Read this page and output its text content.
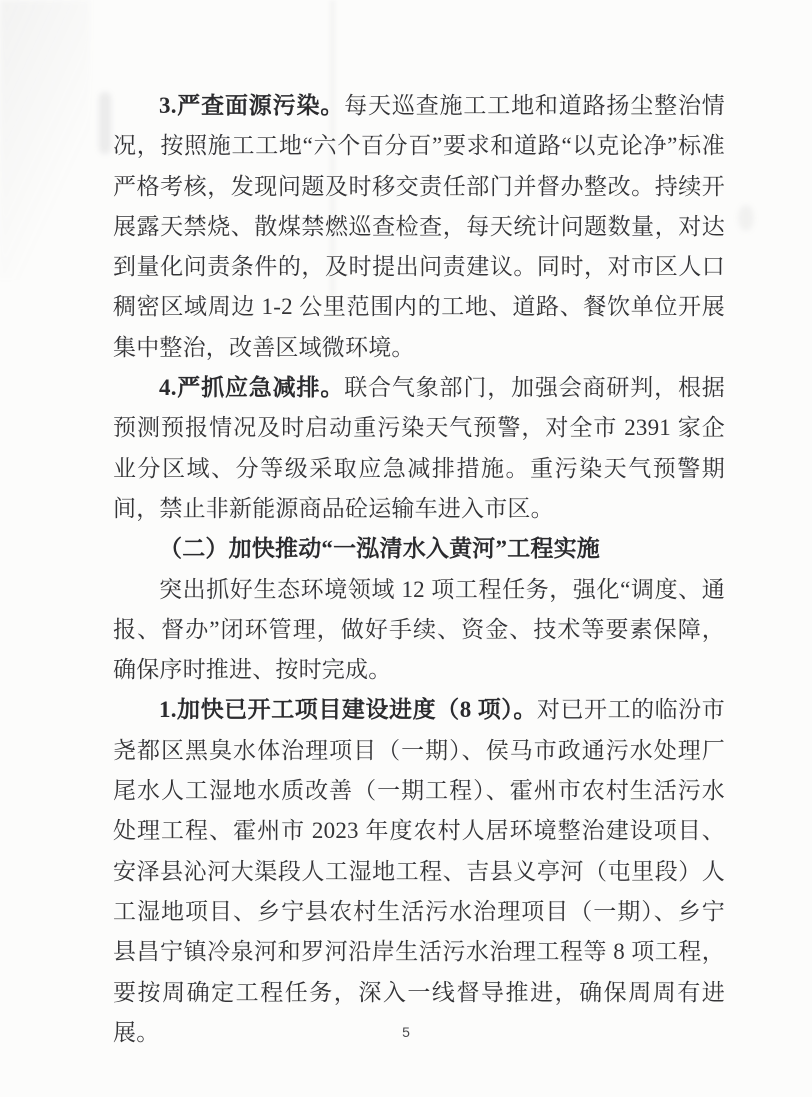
3.严查面源污染。每天巡查施工工地和道路扬尘整治情况，按照施工工地“六个百分百”要求和道路“以克论净”标准严格考核，发现问题及时移交责任部门并督办整改。持续开展露天禁烧、散煤禁燃巡查检查，每天统计问题数量，对达到量化问责条件的，及时提出问责建议。同时，对市区人口稠密区域周边 1-2 公里范围内的工地、道路、餐饮单位开展集中整治，改善区域微环境。
4.严抓应急减排。联合气象部门，加强会商研判，根据预测预报情况及时启动重污染天气预警，对全市 2391 家企业分区域、分等级采取应急减排措施。重污染天气预警期间，禁止非新能源商品砼运输车进入市区。
（二）加快推动“一泓清水入黄河”工程实施
突出抓好生态环境领域 12 项工程任务，强化“调度、通报、督办”闭环管理，做好手续、资金、技术等要素保障，确保序时推进、按时完成。
1.加快已开工项目建设进度（8 项）。对已开工的临汾市尧都区黑臭水体治理项目（一期）、侯马市政通污水处理厂尾水人工湿地水质改善（一期工程）、霍州市农村生活污水处理工程、霍州市 2023 年度农村人居环境整治建设项目、安泽县沁河大渠段人工湿地工程、吉县义亭河（屯里段）人工湿地项目、乡宁县农村生活污水治理项目（一期）、乡宁县昌宁镇冷泉河和罗河沿岸生活污水治理工程等 8 项工程，要按周确定工程任务，深入一线督导推进，确保周周有进展。	5
